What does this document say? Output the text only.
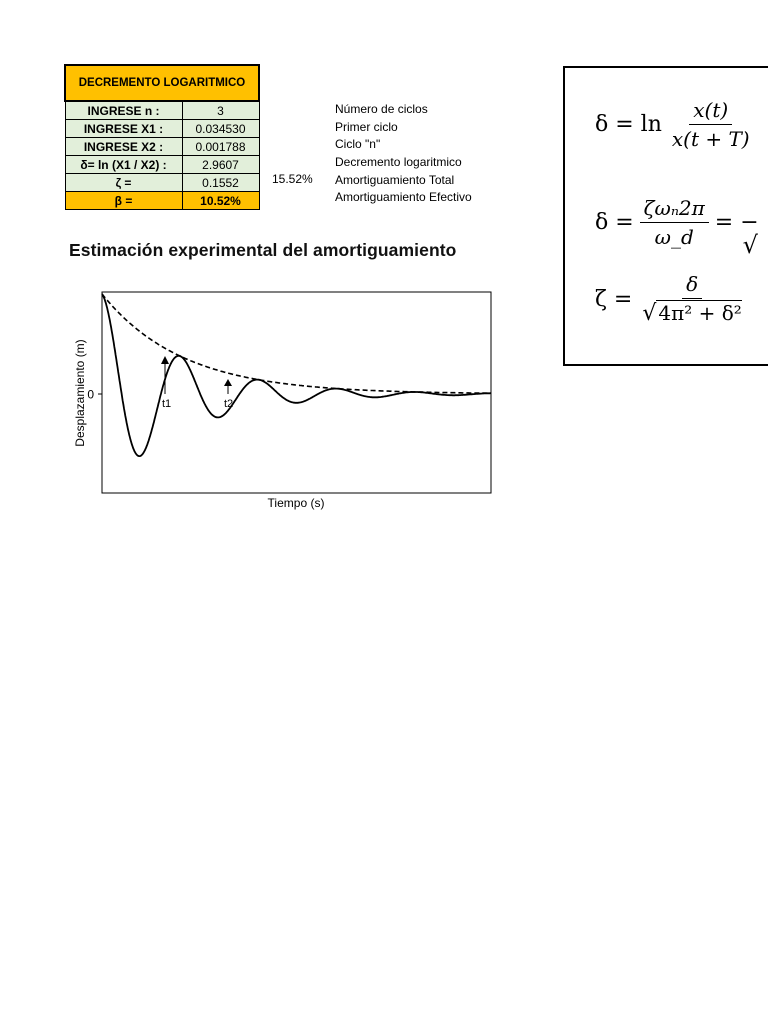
DECREMENTO LOGARITMICO	
INGRESE n :	3
INGRESE X1 :	0.034530
INGRESE X2 :	0.001788
δ= ln (X1 / X2) :	2.9607
ζ =	0.1552
β =	10.52%
15.52%
Número de ciclos
Primer ciclo
Ciclo "n"
Decremento logaritmico
Amortiguamiento Total
Amortiguamiento Efectivo
Estimación experimental del amortiguamiento
0
Desplazamiento (m)
Tiempo (s)
t1	t2
$\delta = \ln \frac{x(t)}{x(t + T)}$
$\delta = \frac{\text{ζωₙ2π}}{\omega\_d}$ = −
√
$\zeta = \frac{\delta}{\text{√ 4π² + δ²}}$
